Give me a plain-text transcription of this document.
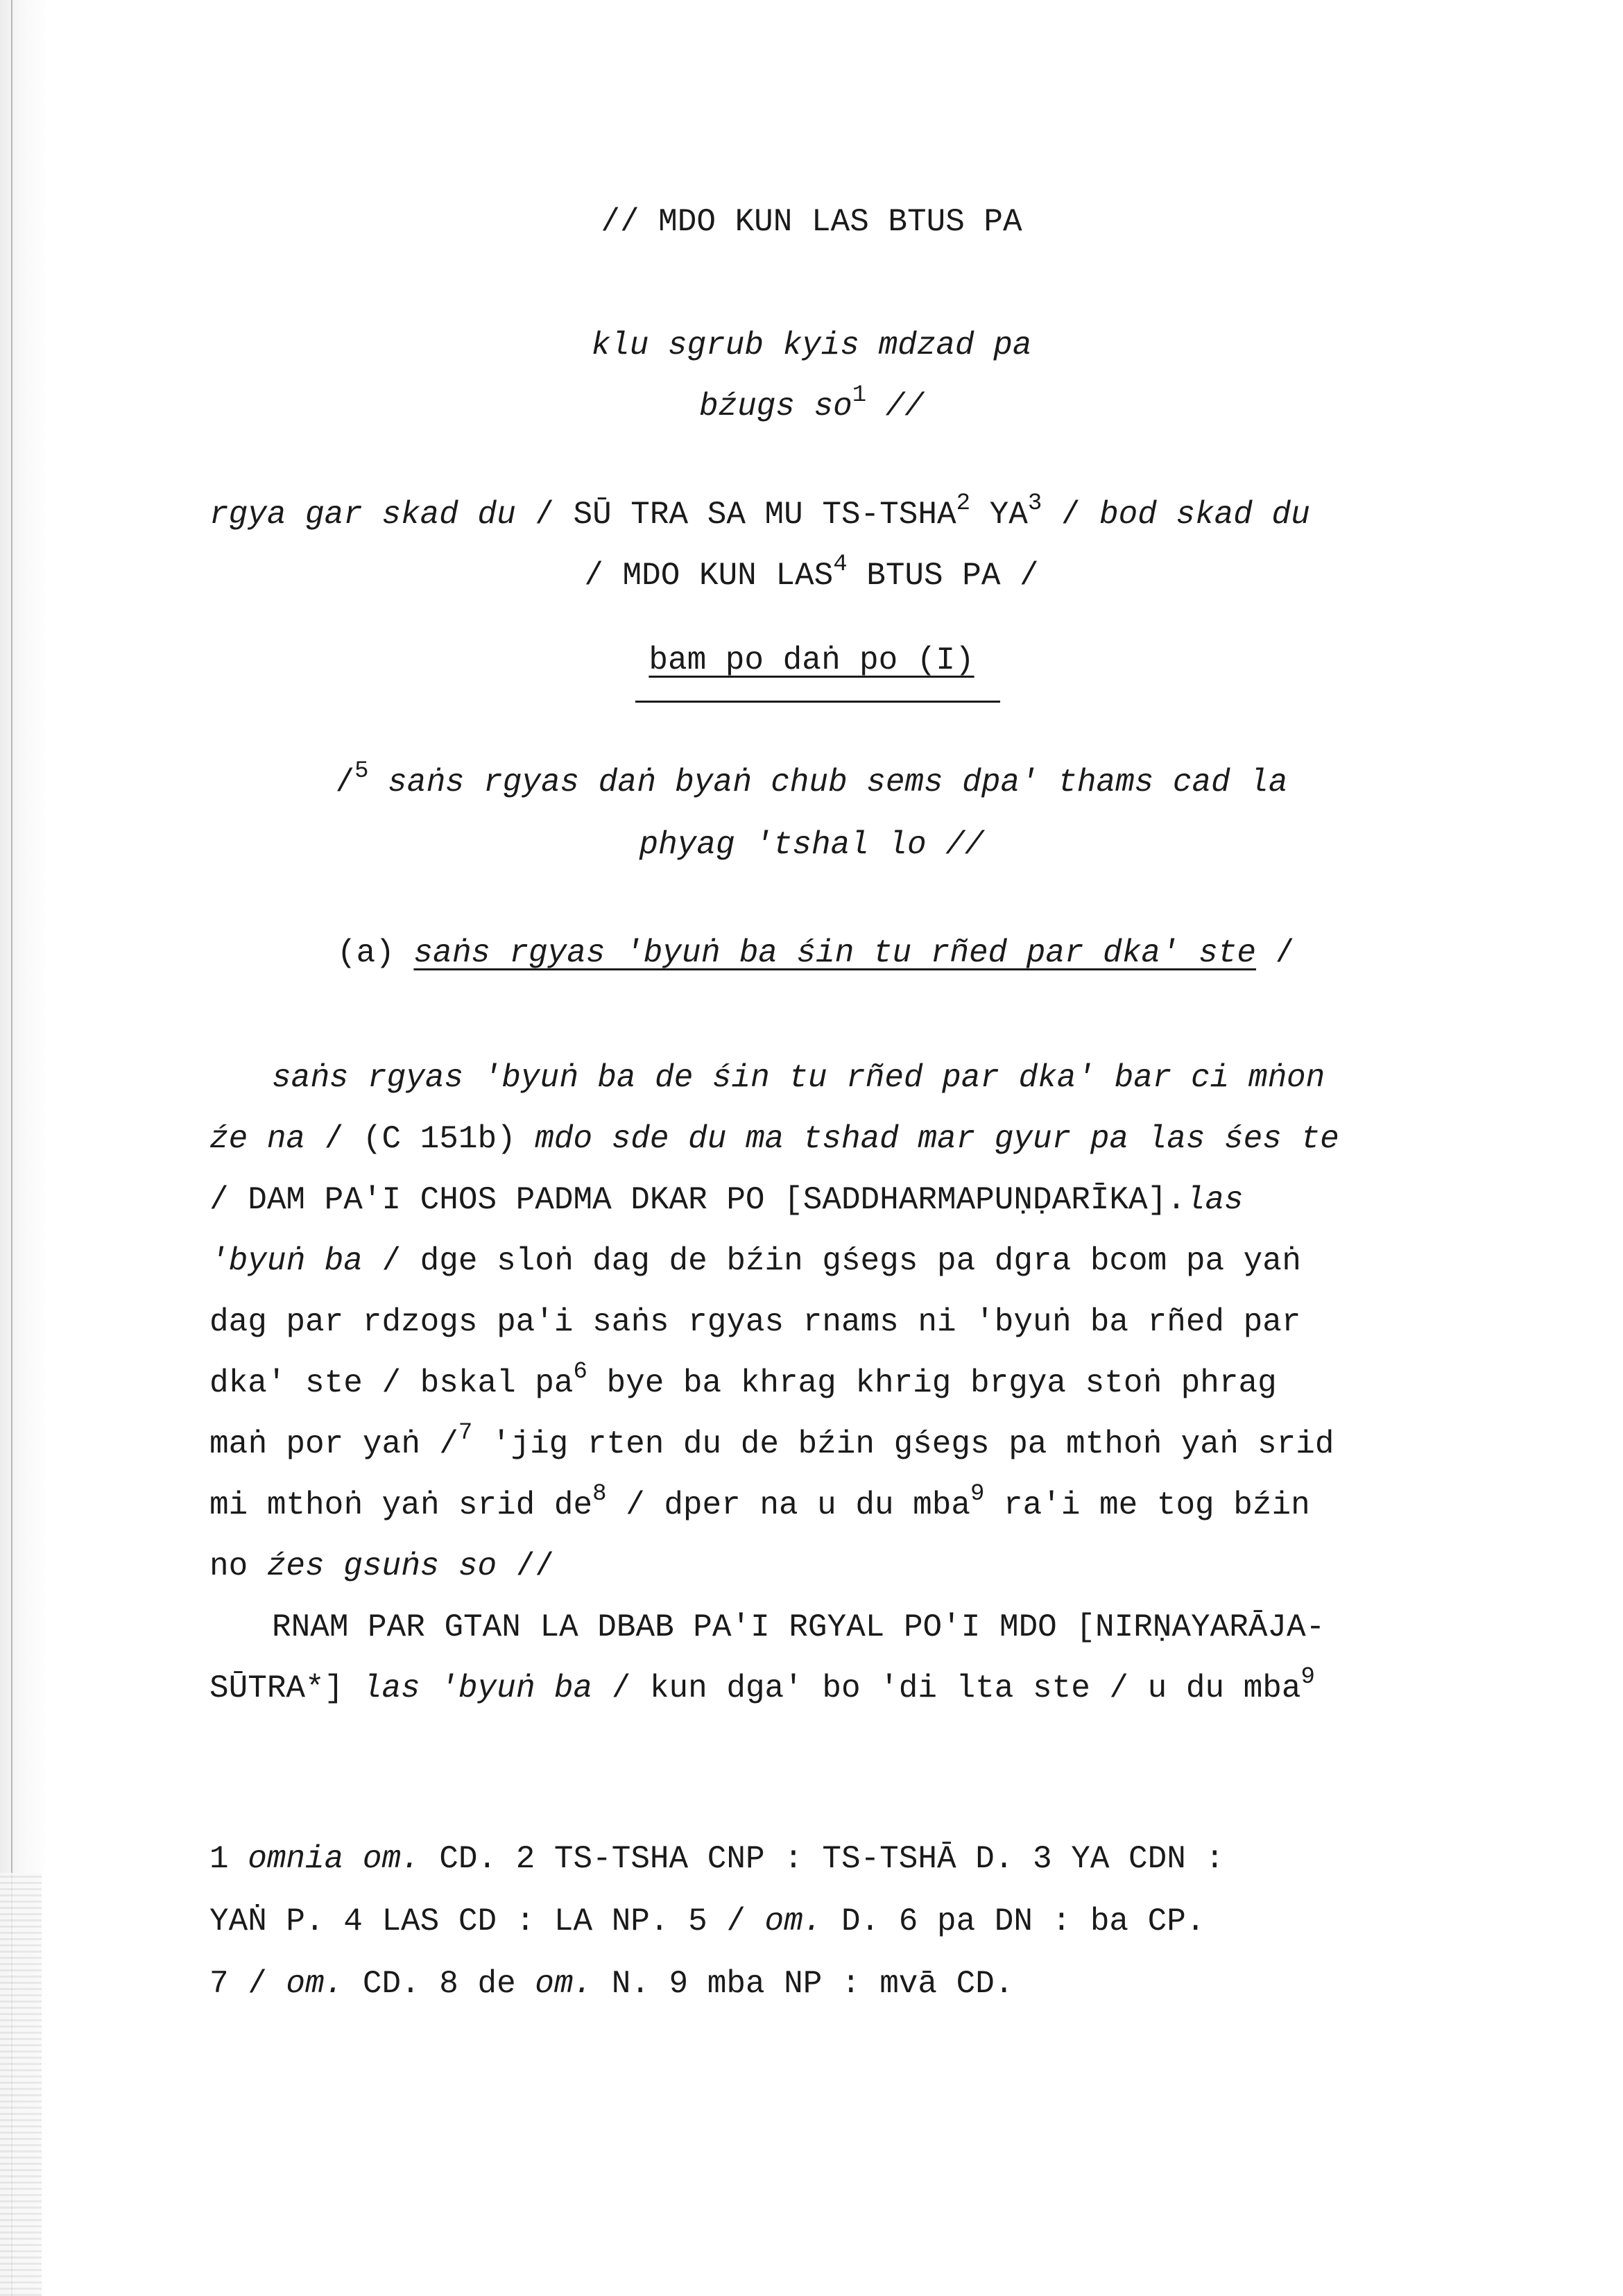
// MDO KUN LAS BTUS PA
klu sgrub kyis mdzad pa
bźugs $so^1$ //
rgya gar skad du / SŪ TRA SA MU TS-TSHA$^2$ $YA^3$ / bod skad du
/ MDO KUN LAS$^4$ BTUS PA /
bam po daṅ po (I)
/$^5$ saṅs rgyas daṅ byaṅ chub sems dpa' thams cad la
phyag 'tshal lo //
(a) saṅs rgyas 'byuṅ ba śin tu rñed par dka' ste /
saṅs rgyas 'byuṅ ba de śin tu rñed par dka' bar ci mṅon
źe na / (C 151b) mdo sde du ma tshad mar gyur pa las śes te
/ DAM PA'I CHOS PADMA DKAR PO [SADDHARMAPUṆḌARĪKA].las
'byuṅ ba / dge sloṅ dag de bźin gśegs pa dgra bcom pa yaṅ
dag par rdzogs pa'i saṅs rgyas rnams ni 'byuṅ ba rñed par
dka' ste / bskal $pa^6$ bye ba khrag khrig brgya stoṅ phrag
maṅ por yaṅ /$^7$ 'jig rten du de bźin gśegs pa mthoṅ yaṅ srid
mi mthoṅ yaṅ srid $de^8$ / dper na u du mba$^9$ ra'i me tog bźin
no źes gsuṅs so //
RNAM PAR GTAN LA DBAB PA'I RGYAL PO'I MDO [NIRṆAYARĀJA-
SŪTRA*] las 'byuṅ ba / kun dga' bo 'di lta ste / u du mba$^9$
1 omnia om. CD. 2 TS-TSHA CNP : TS-TSHĀ D. 3 YA CDN :
YAṄ P. 4 LAS CD : LA NP. 5 / om. D. 6 pa DN : ba CP.
7 / om. CD. 8 de om. N. 9 mba NP : mvā CD.
